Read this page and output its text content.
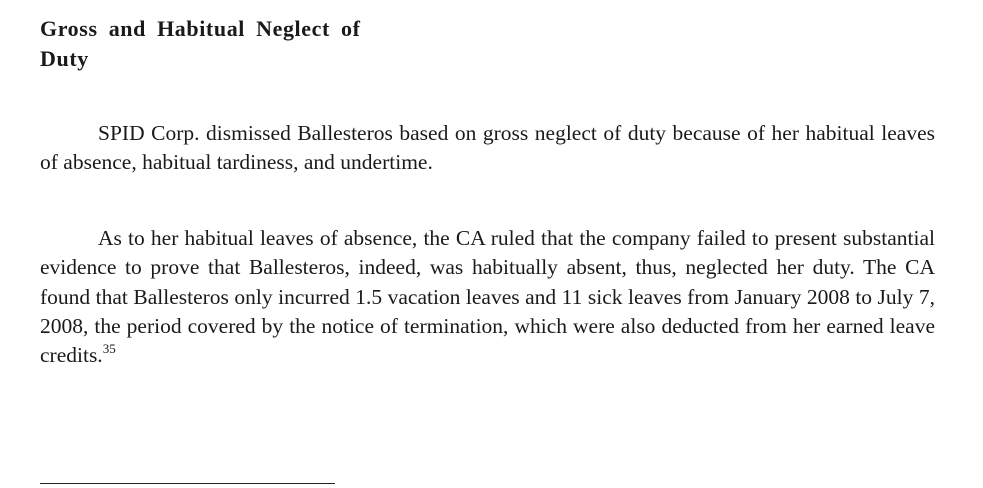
Gross and Habitual Neglect of
Duty

SPID Corp. dismissed Ballesteros based on gross neglect of duty because of her habitual leaves of absence, habitual tardiness, and undertime.

As to her habitual leaves of absence, the CA ruled that the company failed to present substantial evidence to prove that Ballesteros, indeed, was habitually absent, thus, neglected her duty. The CA found that Ballesteros only incurred 1.5 vacation leaves and 11 sick leaves from January 2008 to July 7, 2008, the period covered by the notice of termination, which were also deducted from her earned leave credits.$^{35}$
